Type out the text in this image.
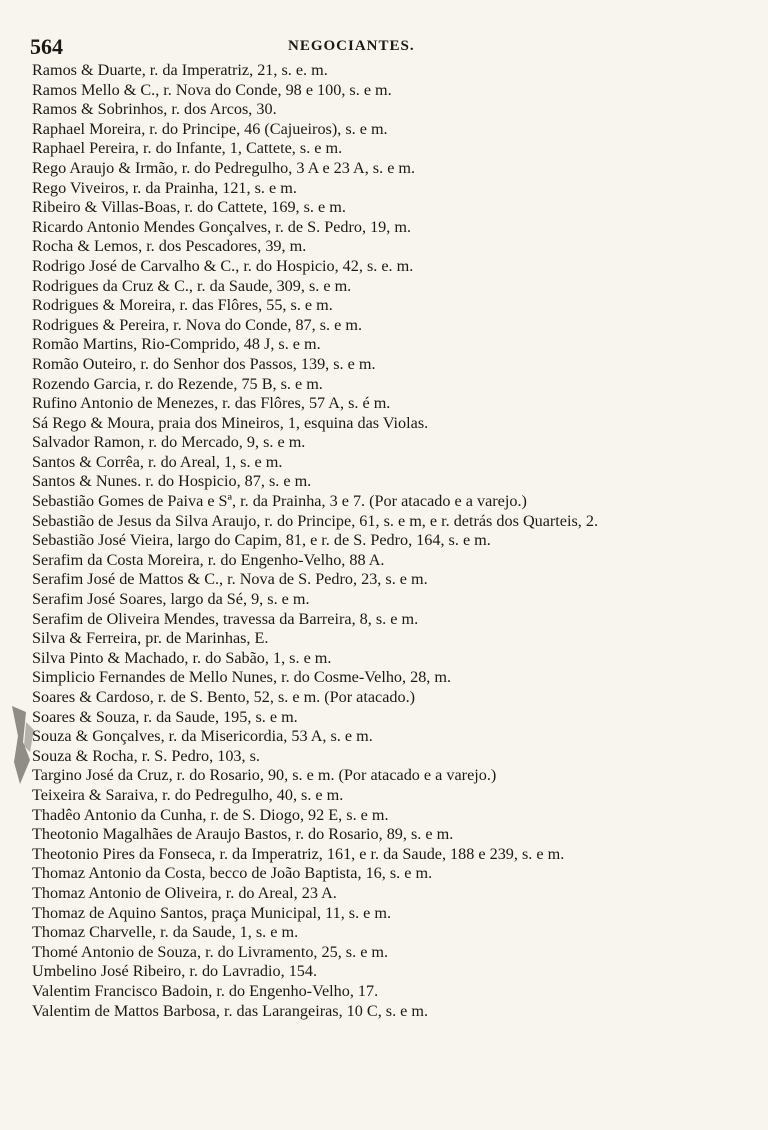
564	NEGOCIANTES.
Ramos & Duarte, r. da Imperatriz, 21, s. e. m.
Ramos Mello & C., r. Nova do Conde, 98 e 100, s. e m.
Ramos & Sobrinhos, r. dos Arcos, 30.
Raphael Moreira, r. do Principe, 46 (Cajueiros), s. e m.
Raphael Pereira, r. do Infante, 1, Cattete, s. e m.
Rego Araujo & Irmão, r. do Pedregulho, 3 A e 23 A, s. e m.
Rego Viveiros, r. da Prainha, 121, s. e m.
Ribeiro & Villas-Boas, r. do Cattete, 169, s. e m.
Ricardo Antonio Mendes Gonçalves, r. de S. Pedro, 19, m.
Rocha & Lemos, r. dos Pescadores, 39, m.
Rodrigo José de Carvalho & C., r. do Hospicio, 42, s. e. m.
Rodrigues da Cruz & C., r. da Saude, 309, s. e m.
Rodrigues & Moreira, r. das Flôres, 55, s. e m.
Rodrigues & Pereira, r. Nova do Conde, 87, s. e m.
Romão Martins, Rio-Comprido, 48 J, s. e m.
Romão Outeiro, r. do Senhor dos Passos, 139, s. e m.
Rozendo Garcia, r. do Rezende, 75 B, s. e m.
Rufino Antonio de Menezes, r. das Flôres, 57 A, s. é m.
Sá Rego & Moura, praia dos Mineiros, 1, esquina das Violas.
Salvador Ramon, r. do Mercado, 9, s. e m.
Santos & Corrêa, r. do Areal, 1, s. e m.
Santos & Nunes. r. do Hospicio, 87, s. e m.
Sebastião Gomes de Paiva e Sª, r. da Prainha, 3 e 7. (Por atacado e a varejo.)
Sebastião de Jesus da Silva Araujo, r. do Principe, 61, s. e m, e r. detrás dos Quarteis, 2.
Sebastião José Vieira, largo do Capim, 81, e r. de S. Pedro, 164, s. e m.
Serafim da Costa Moreira, r. do Engenho-Velho, 88 A.
Serafim José de Mattos & C., r. Nova de S. Pedro, 23, s. e m.
Serafim José Soares, largo da Sé, 9, s. e m.
Serafim de Oliveira Mendes, travessa da Barreira, 8, s. e m.
Silva & Ferreira, pr. de Marinhas, E.
Silva Pinto & Machado, r. do Sabão, 1, s. e m.
Simplicio Fernandes de Mello Nunes, r. do Cosme-Velho, 28, m.
Soares & Cardoso, r. de S. Bento, 52, s. e m. (Por atacado.)
Soares & Souza, r. da Saude, 195, s. e m.
Souza & Gonçalves, r. da Misericordia, 53 A, s. e m.
Souza & Rocha, r. S. Pedro, 103, s.
Targino José da Cruz, r. do Rosario, 90, s. e m. (Por atacado e a varejo.)
Teixeira & Saraiva, r. do Pedregulho, 40, s. e m.
Thadêo Antonio da Cunha, r. de S. Diogo, 92 E, s. e m.
Theotonio Magalhães de Araujo Bastos, r. do Rosario, 89, s. e m.
Theotonio Pires da Fonseca, r. da Imperatriz, 161, e r. da Saude, 188 e 239, s. e m.
Thomaz Antonio da Costa, becco de João Baptista, 16, s. e m.
Thomaz Antonio de Oliveira, r. do Areal, 23 A.
Thomaz de Aquino Santos, praça Municipal, 11, s. e m.
Thomaz Charvelle, r. da Saude, 1, s. e m.
Thomé Antonio de Souza, r. do Livramento, 25, s. e m.
Umbelino José Ribeiro, r. do Lavradio, 154.
Valentim Francisco Badoin, r. do Engenho-Velho, 17.
Valentim de Mattos Barbosa, r. das Larangeiras, 10 C, s. e m.
